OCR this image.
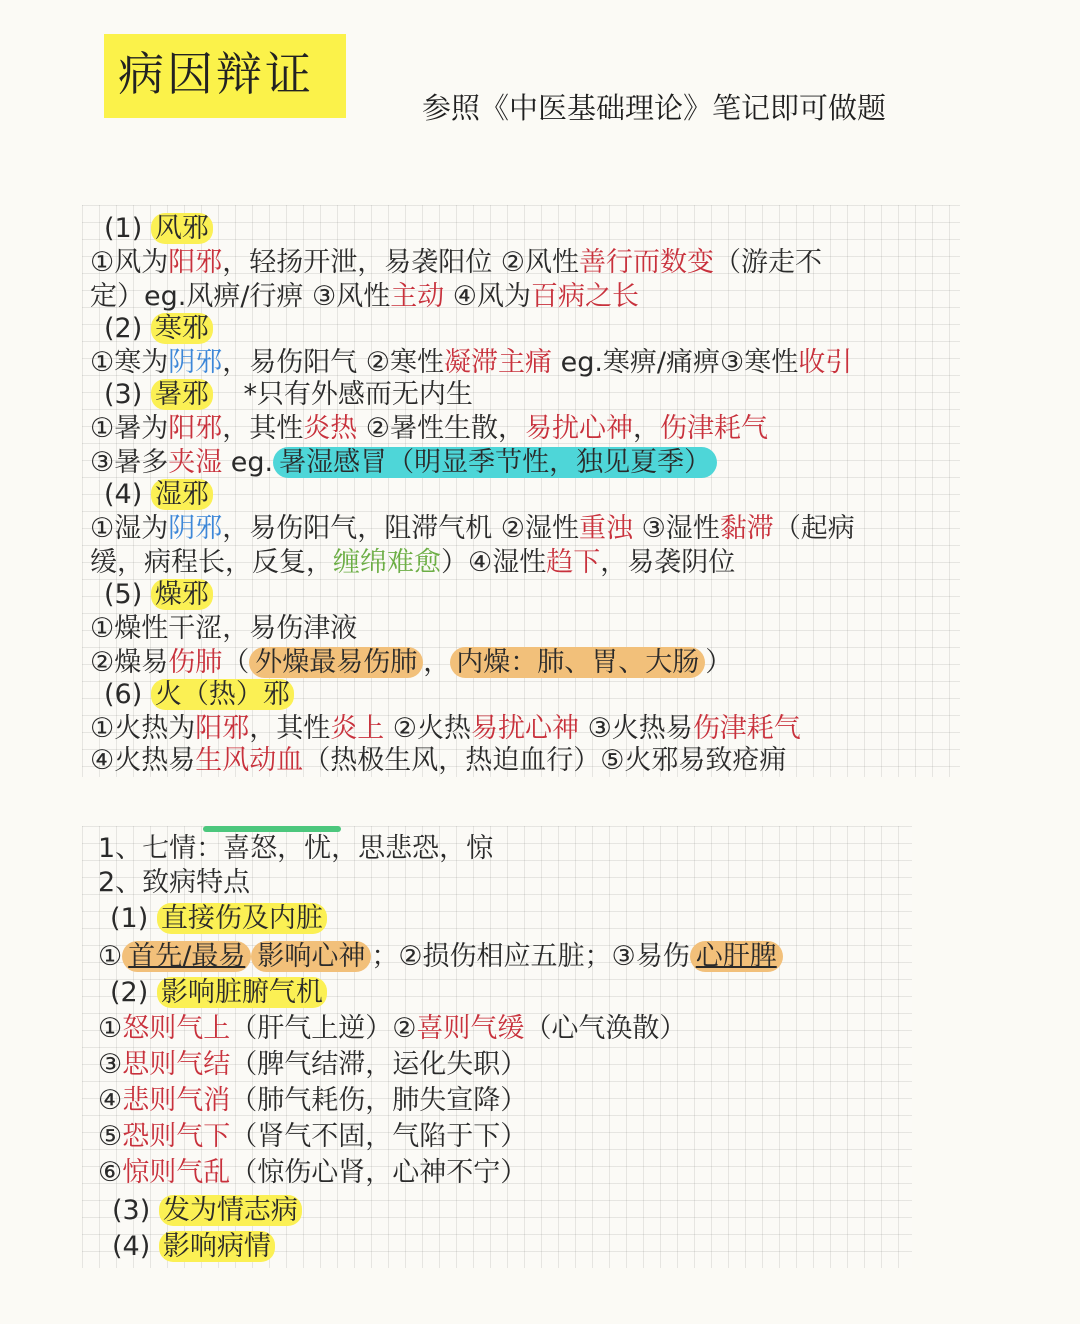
病因辩证
参照《中医基础理论》笔记即可做题
(1) 风邪
①风为阳邪，轻扬开泄，易袭阳位 ②风性善行而数变（游走不
定）eg.风痹/行痹 ③风性主动 ④风为百病之长
(2) 寒邪
①寒为阴邪，易伤阳气 ②寒性凝滞主痛 eg.寒痹/痛痹③寒性收引
(3) 暑邪 *只有外感而无内生
①暑为阳邪，其性炎热 ②暑性生散，易扰心神，伤津耗气
③暑多夹湿 eg. 暑湿感冒（明显季节性，独见夏季）
(4) 湿邪
①湿为阴邪，易伤阳气，阻滞气机 ②湿性重浊 ③湿性黏滞（起病
缓，病程长，反复，缠绵难愈）④湿性趋下，易袭阴位
(5) 燥邪
①燥性干涩，易伤津液
②燥易伤肺（ 外燥最易伤肺 ， 内燥：肺、胃、大肠 ）
(6) 火（热）邪
①火热为阳邪，其性炎上 ②火热易扰心神 ③火热易伤津耗气
④火热易生风动血（热极生风，热迫血行）⑤火邪易致疮痈
1、七情：喜怒，忧，思悲恐，惊
2、致病特点
(1) 直接伤及内脏
① 首先/最易 影响心神 ；②损伤相应五脏；③易伤 心肝脾
(2) 影响脏腑气机
①怒则气上（肝气上逆）②喜则气缓（心气涣散）
③思则气结（脾气结滞，运化失职）
④悲则气消（肺气耗伤，肺失宣降）
⑤恐则气下（肾气不固，气陷于下）
⑥惊则气乱（惊伤心肾，心神不宁）
(3) 发为情志病
(4) 影响病情
